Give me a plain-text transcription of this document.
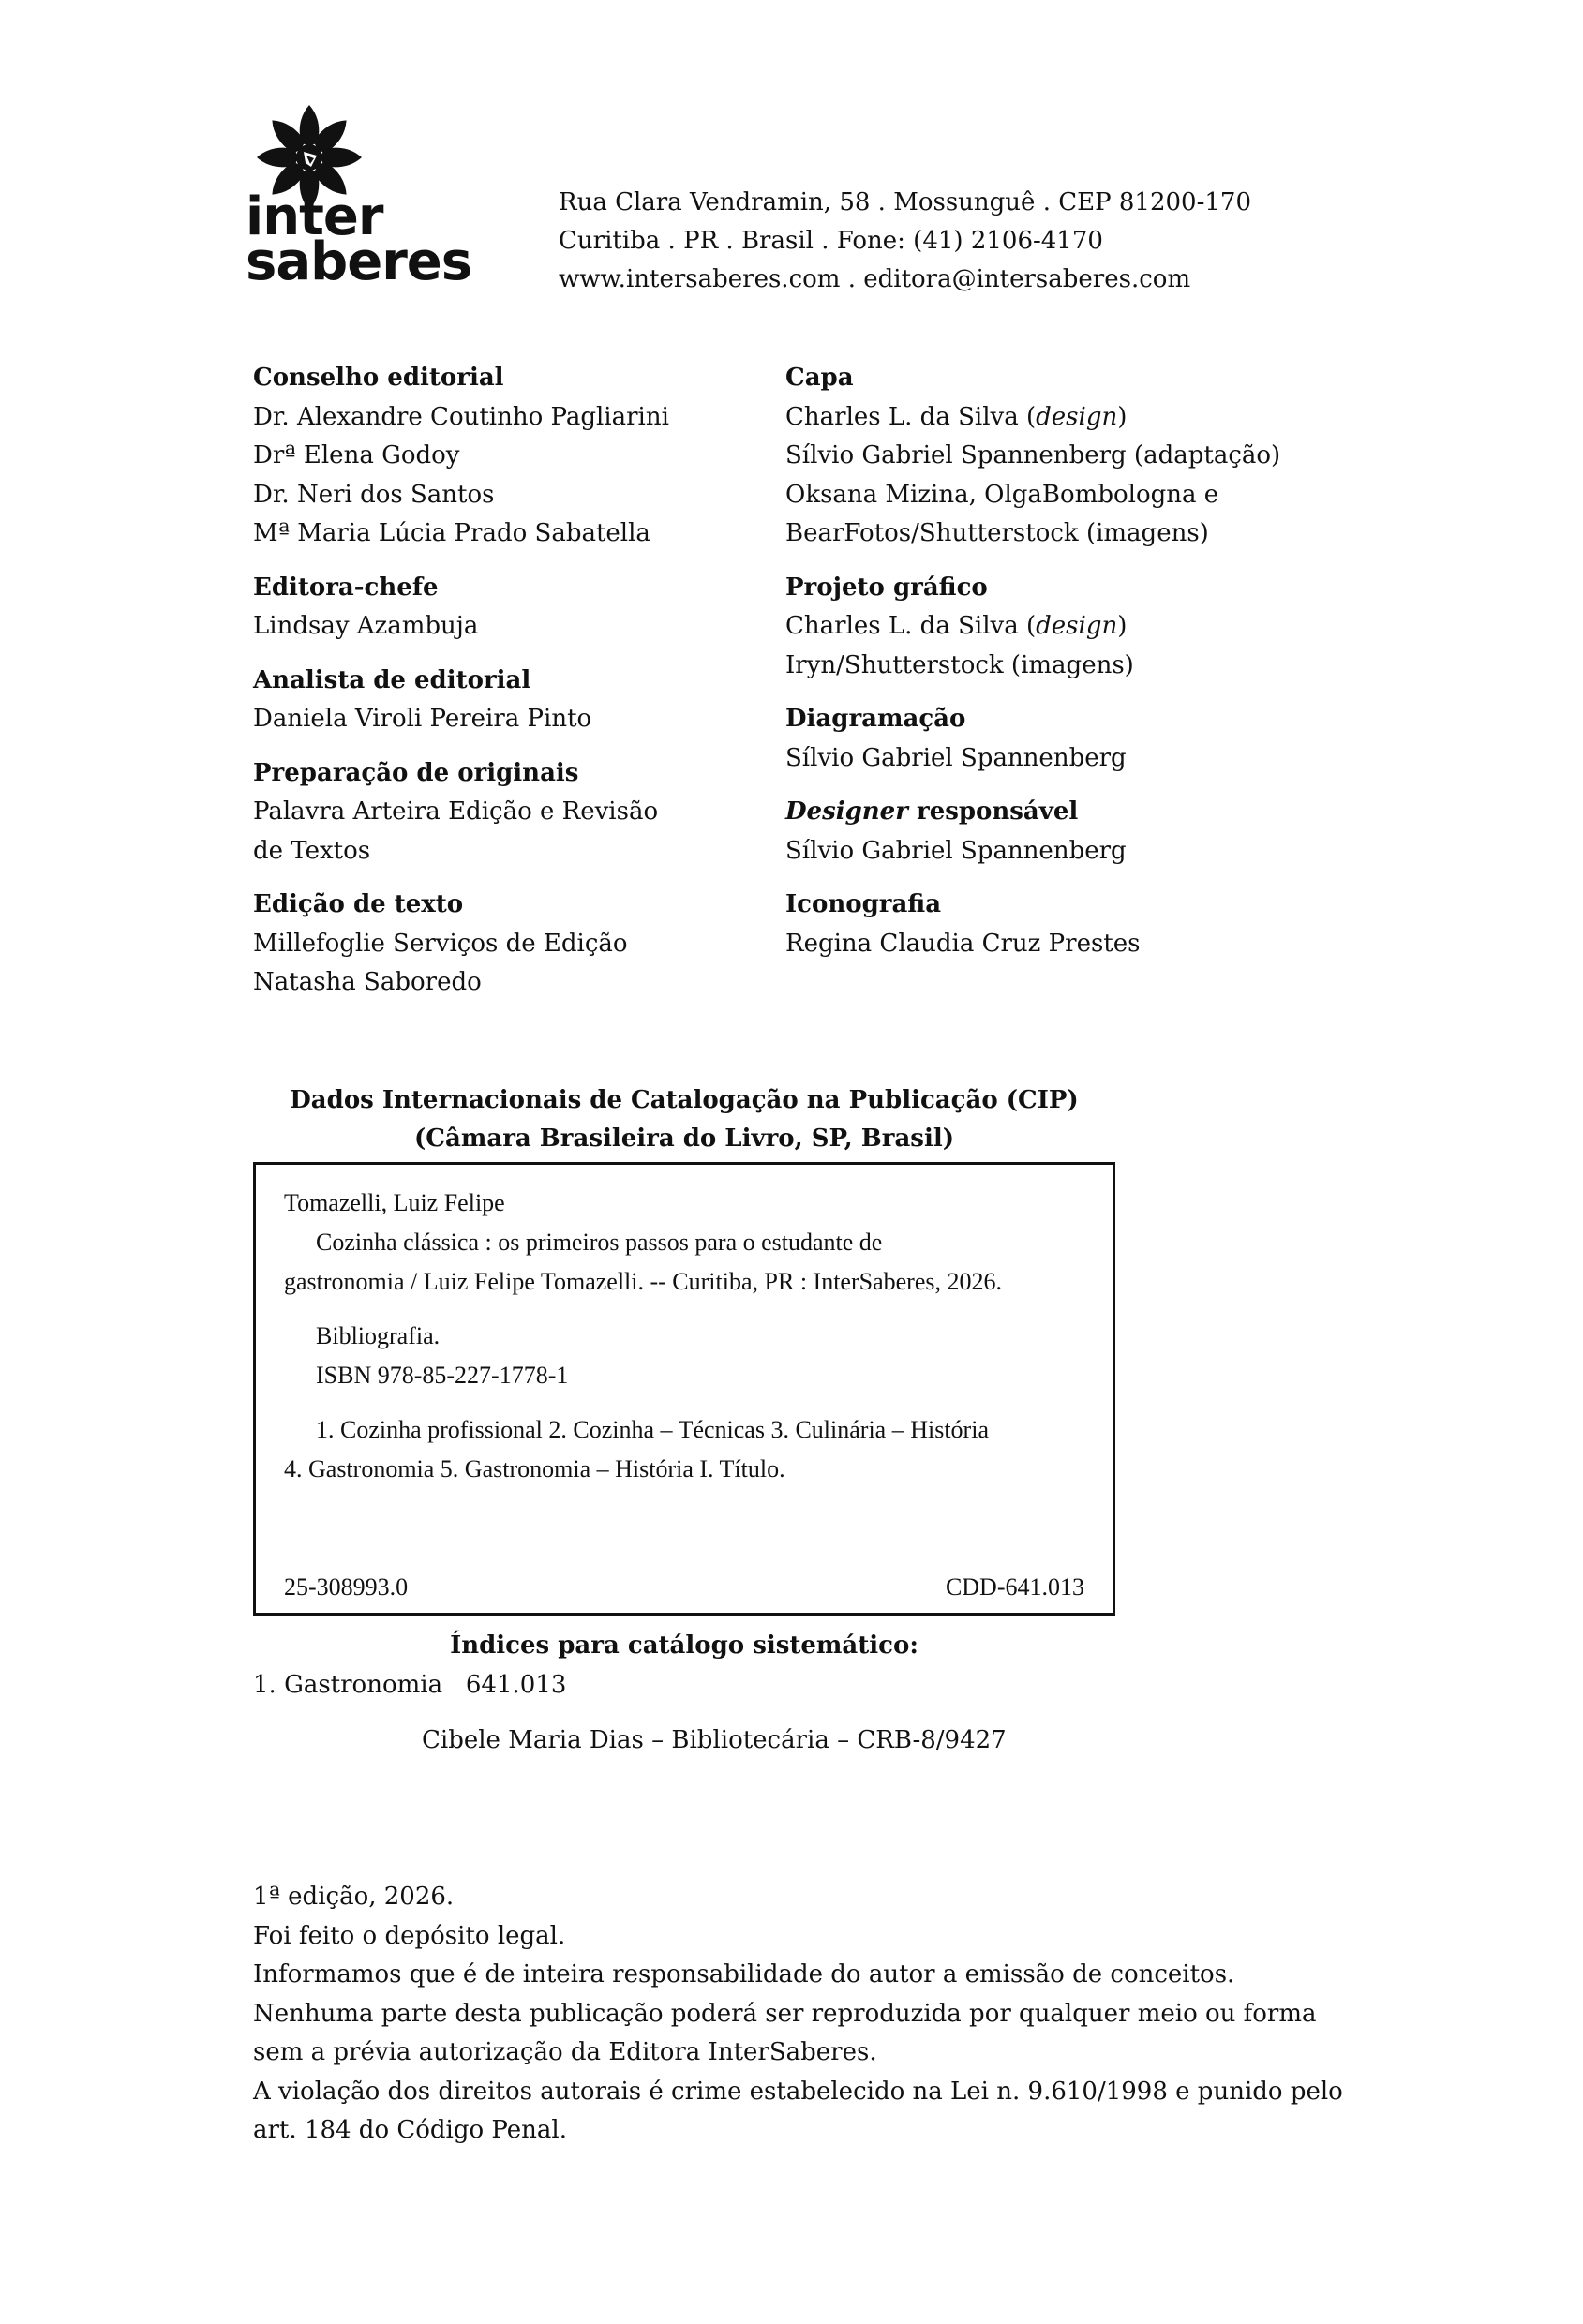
inter
saberes
Rua Clara Vendramin, 58 . Mossunguê . CEP 81200-170
Curitiba . PR . Brasil . Fone: (41) 2106-4170
www.intersaberes.com . editora@intersaberes.com
Conselho editorial
Dr. Alexandre Coutinho Pagliarini
Drª Elena Godoy
Dr. Neri dos Santos
Mª Maria Lúcia Prado Sabatella
Editora-chefe
Lindsay Azambuja
Analista de editorial
Daniela Viroli Pereira Pinto
Preparação de originais
Palavra Arteira Edição e Revisão
de Textos
Edição de texto
Millefoglie Serviços de Edição
Natasha Saboredo
Capa
Charles L. da Silva (design)
Sílvio Gabriel Spannenberg (adaptação)
Oksana Mizina, OlgaBombologna e
BearFotos/Shutterstock (imagens)
Projeto gráfico
Charles L. da Silva (design)
Iryn/Shutterstock (imagens)
Diagramação
Sílvio Gabriel Spannenberg
Designer responsável
Sílvio Gabriel Spannenberg
Iconografia
Regina Claudia Cruz Prestes
Dados Internacionais de Catalogação na Publicação (CIP)
(Câmara Brasileira do Livro, SP, Brasil)
Tomazelli, Luiz Felipe
Cozinha clássica : os primeiros passos para o estudante de
gastronomia / Luiz Felipe Tomazelli. -- Curitiba, PR : InterSaberes, 2026.
Bibliografia.
ISBN 978-85-227-1778-1
1. Cozinha profissional 2. Cozinha – Técnicas 3. Culinária – História
4. Gastronomia 5. Gastronomia – História I. Título.
25-308993.0	CDD-641.013
Índices para catálogo sistemático:
1. Gastronomia 641.013
Cibele Maria Dias – Bibliotecária – CRB-8/9427
1ª edição, 2026.
Foi feito o depósito legal.
Informamos que é de inteira responsabilidade do autor a emissão de conceitos.
Nenhuma parte desta publicação poderá ser reproduzida por qualquer meio ou forma
sem a prévia autorização da Editora InterSaberes.
A violação dos direitos autorais é crime estabelecido na Lei n. 9.610/1998 e punido pelo
art. 184 do Código Penal.
